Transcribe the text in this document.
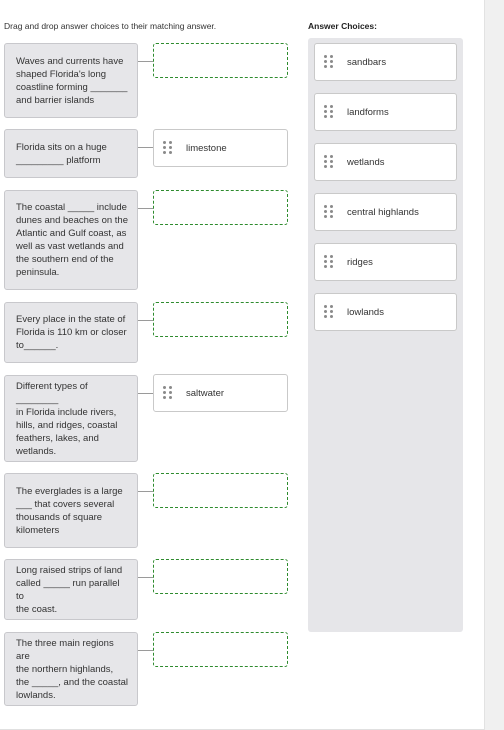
Drag and drop answer choices to their matching answer.	Answer Choices:
Waves and currents have
shaped Florida's long
coastline forming _______
and barrier islands
Florida sits on a huge
_________ platform
limestone
The coastal _____ include
dunes and beaches on the
Atlantic and Gulf coast, as
well as vast wetlands and
the southern end of the
peninsula.
Every place in the state of
Florida is 110 km or closer
to______.
Different types of ________
in Florida include rivers,
hills, and ridges, coastal
feathers, lakes, and
wetlands.
saltwater
The everglades is a large
___ that covers several
thousands of square
kilometers
Long raised strips of land
called _____ run parallel to
the coast.
The three main regions are
the northern highlands,
the _____, and the coastal
lowlands.
sandbars
landforms
wetlands
central highlands
ridges
lowlands
